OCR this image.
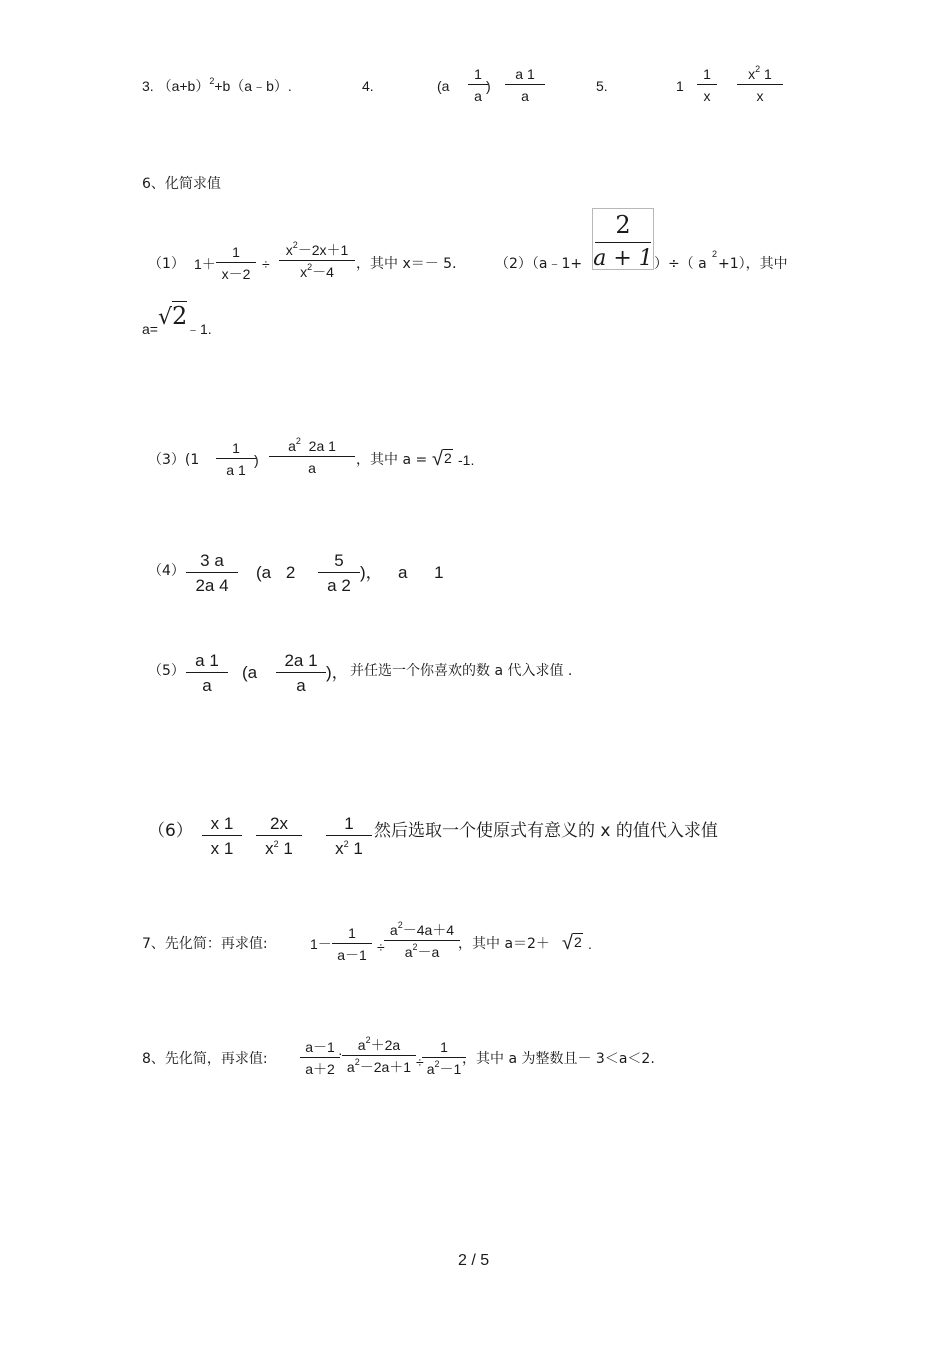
3. $(a+b)^2+b(a﹣b)$.	4.	(a
1
a
)
a 1
a
5.	1
1
x
$x^2$ 1
x
6、化简求值
（1） 1＋
1
x－2
÷
$x^2-2x+1$
$x^2-4$	，其中 x＝－ 5． （2）（a﹣1+
2
a + 1 ）÷（ a
2
+1），其中
a= √2
﹣1.
（3）(1
1
a 1
)
$a^2$ 2a 1
a	，其中 a = √2 -1.
（4）
3 a
2a 4
(a 2
5
a 2
)， a 1
（5）
a 1
a
(a
2a 1
a
)， 并任选一个你喜欢的数 a 代入求值 .
（6）	x 1
x 1
2x
$x^2$ 1
1
$x^2$ 1
然后选取一个使原式有意义的 x 的值代入求值
7、先化简：再求值:	1－
1
a－1 ÷
$a^2-4a+4$
$a^2-a$	，其中 a＝2＋ √2 .
8、先化简，再求值:
a－1
a＋2
·	$a^2+2a$
$a^2-2a+1$ ÷
1
$a^2-1$
，其中 a 为整数且－ 3＜a＜2.
2 / 5
